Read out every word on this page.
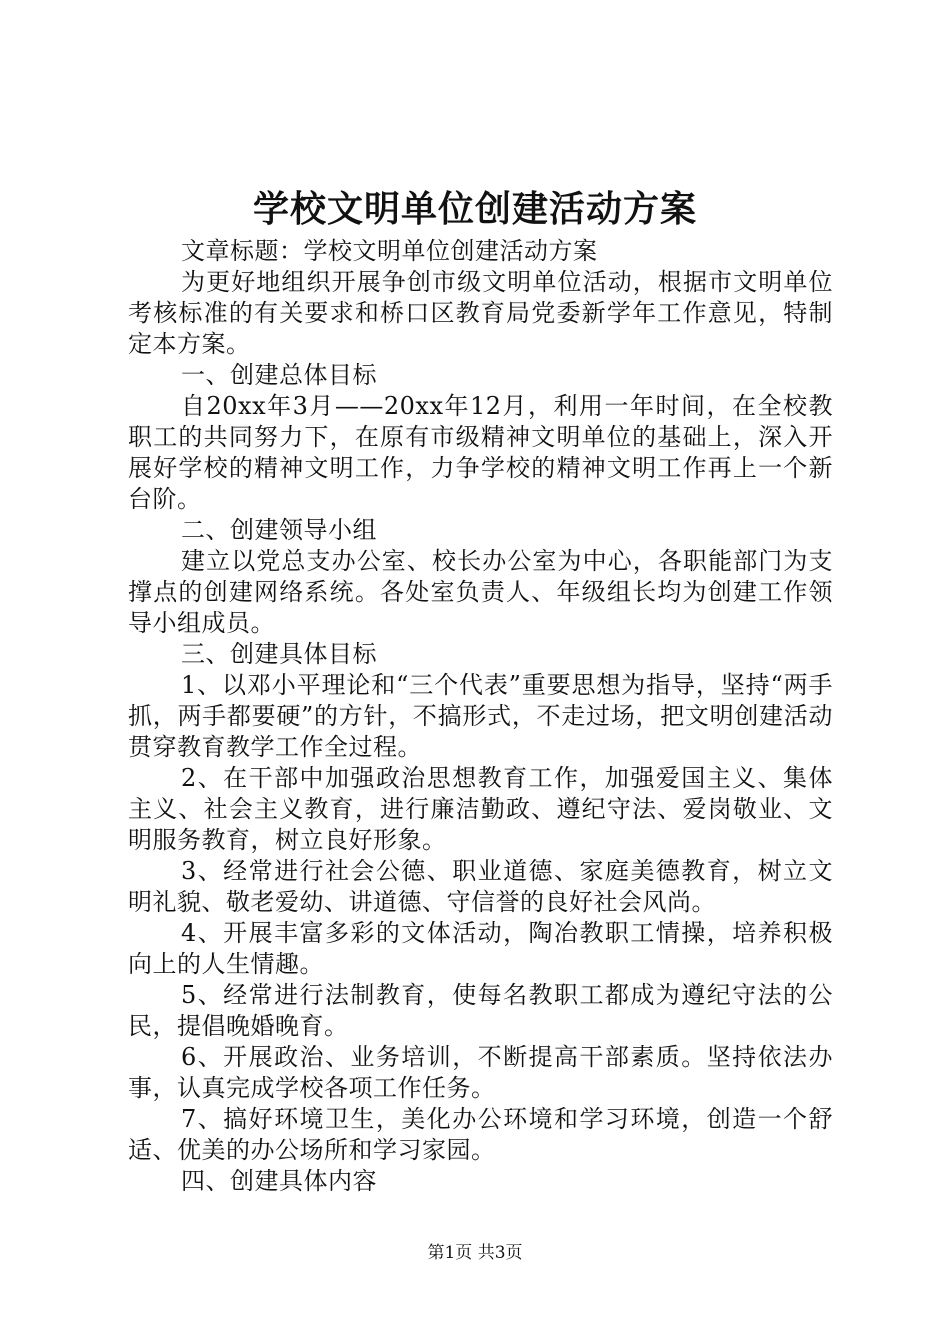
学校文明单位创建活动方案

文章标题：学校文明单位创建活动方案

为更好地组织开展争创市级文明单位活动，根据市文明单位考核标准的有关要求和桥口区教育局党委新学年工作意见，特制定本方案。

一、创建总体目标

自20xx年3月——20xx年12月，利用一年时间，在全校教职工的共同努力下，在原有市级精神文明单位的基础上，深入开展好学校的精神文明工作，力争学校的精神文明工作再上一个新台阶。

二、创建领导小组

建立以党总支办公室、校长办公室为中心，各职能部门为支撑点的创建网络系统。各处室负责人、年级组长均为创建工作领导小组成员。

三、创建具体目标

1、以邓小平理论和“三个代表”重要思想为指导，坚持“两手抓，两手都要硬”的方针，不搞形式，不走过场，把文明创建活动贯穿教育教学工作全过程。

2、在干部中加强政治思想教育工作，加强爱国主义、集体主义、社会主义教育，进行廉洁勤政、遵纪守法、爱岗敬业、文明服务教育，树立良好形象。

3、经常进行社会公德、职业道德、家庭美德教育，树立文明礼貌、敬老爱幼、讲道德、守信誉的良好社会风尚。

4、开展丰富多彩的文体活动，陶冶教职工情操，培养积极向上的人生情趣。

5、经常进行法制教育，使每名教职工都成为遵纪守法的公民，提倡晚婚晚育。

6、开展政治、业务培训，不断提高干部素质。坚持依法办事，认真完成学校各项工作任务。

7、搞好环境卫生，美化办公环境和学习环境，创造一个舒适、优美的办公场所和学习家园。

四、创建具体内容

第1页 共3页
